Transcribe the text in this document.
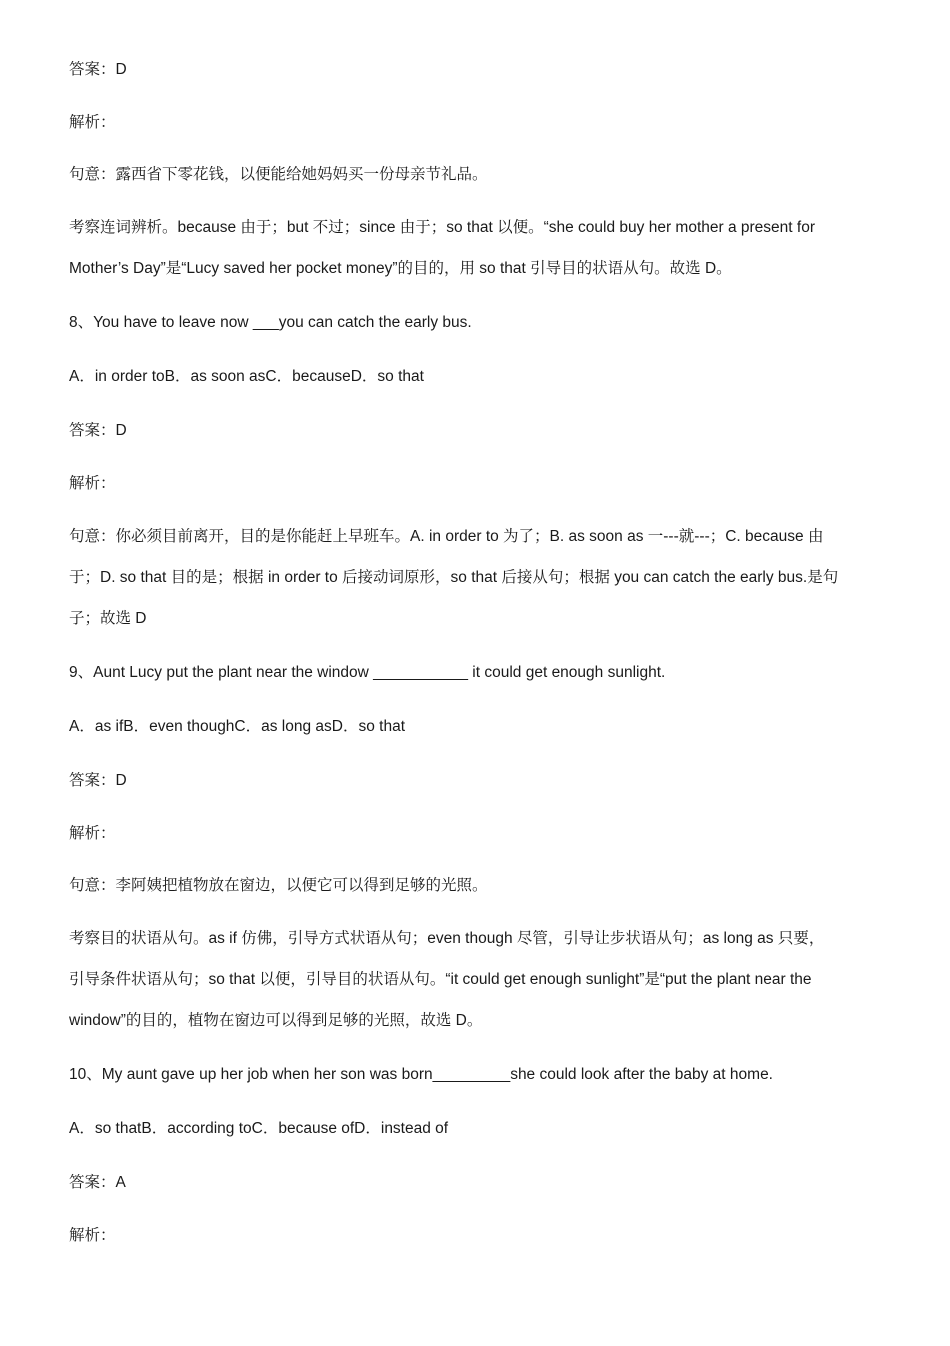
答案：D
解析：
句意：露西省下零花钱，以便能给她妈妈买一份母亲节礼品。
考察连词辨析。because 由于；but 不过；since 由于；so that 以便。“she could buy her mother a present for
Mother’s Day”是“Lucy saved her pocket money”的目的，用 so that 引导目的状语从句。故选 D。
8、You have to leave now ___you can catch the early bus.
A．in order toB．as soon asC．becauseD．so that
答案：D
解析：
句意：你必须目前离开，目的是你能赶上早班车。A. in order to 为了；B. as soon as 一---就---；C. because 由
于；D. so that 目的是；根据 in order to 后接动词原形，so that 后接从句；根据 you can catch the early bus.是句
子；故选 D
9、Aunt Lucy put the plant near the window ___________ it could get enough sunlight.
A．as ifB．even thoughC．as long asD．so that
答案：D
解析：
句意：李阿姨把植物放在窗边，以便它可以得到足够的光照。
考察目的状语从句。as if 仿佛，引导方式状语从句；even though 尽管，引导让步状语从句；as long as 只要，
引导条件状语从句；so that 以便，引导目的状语从句。“it could get enough sunlight”是“put the plant near the
window”的目的，植物在窗边可以得到足够的光照，故选 D。
10、My aunt gave up her job when her son was born_________she could look after the baby at home.
A．so thatB．according toC．because ofD．instead of
答案：A
解析：
